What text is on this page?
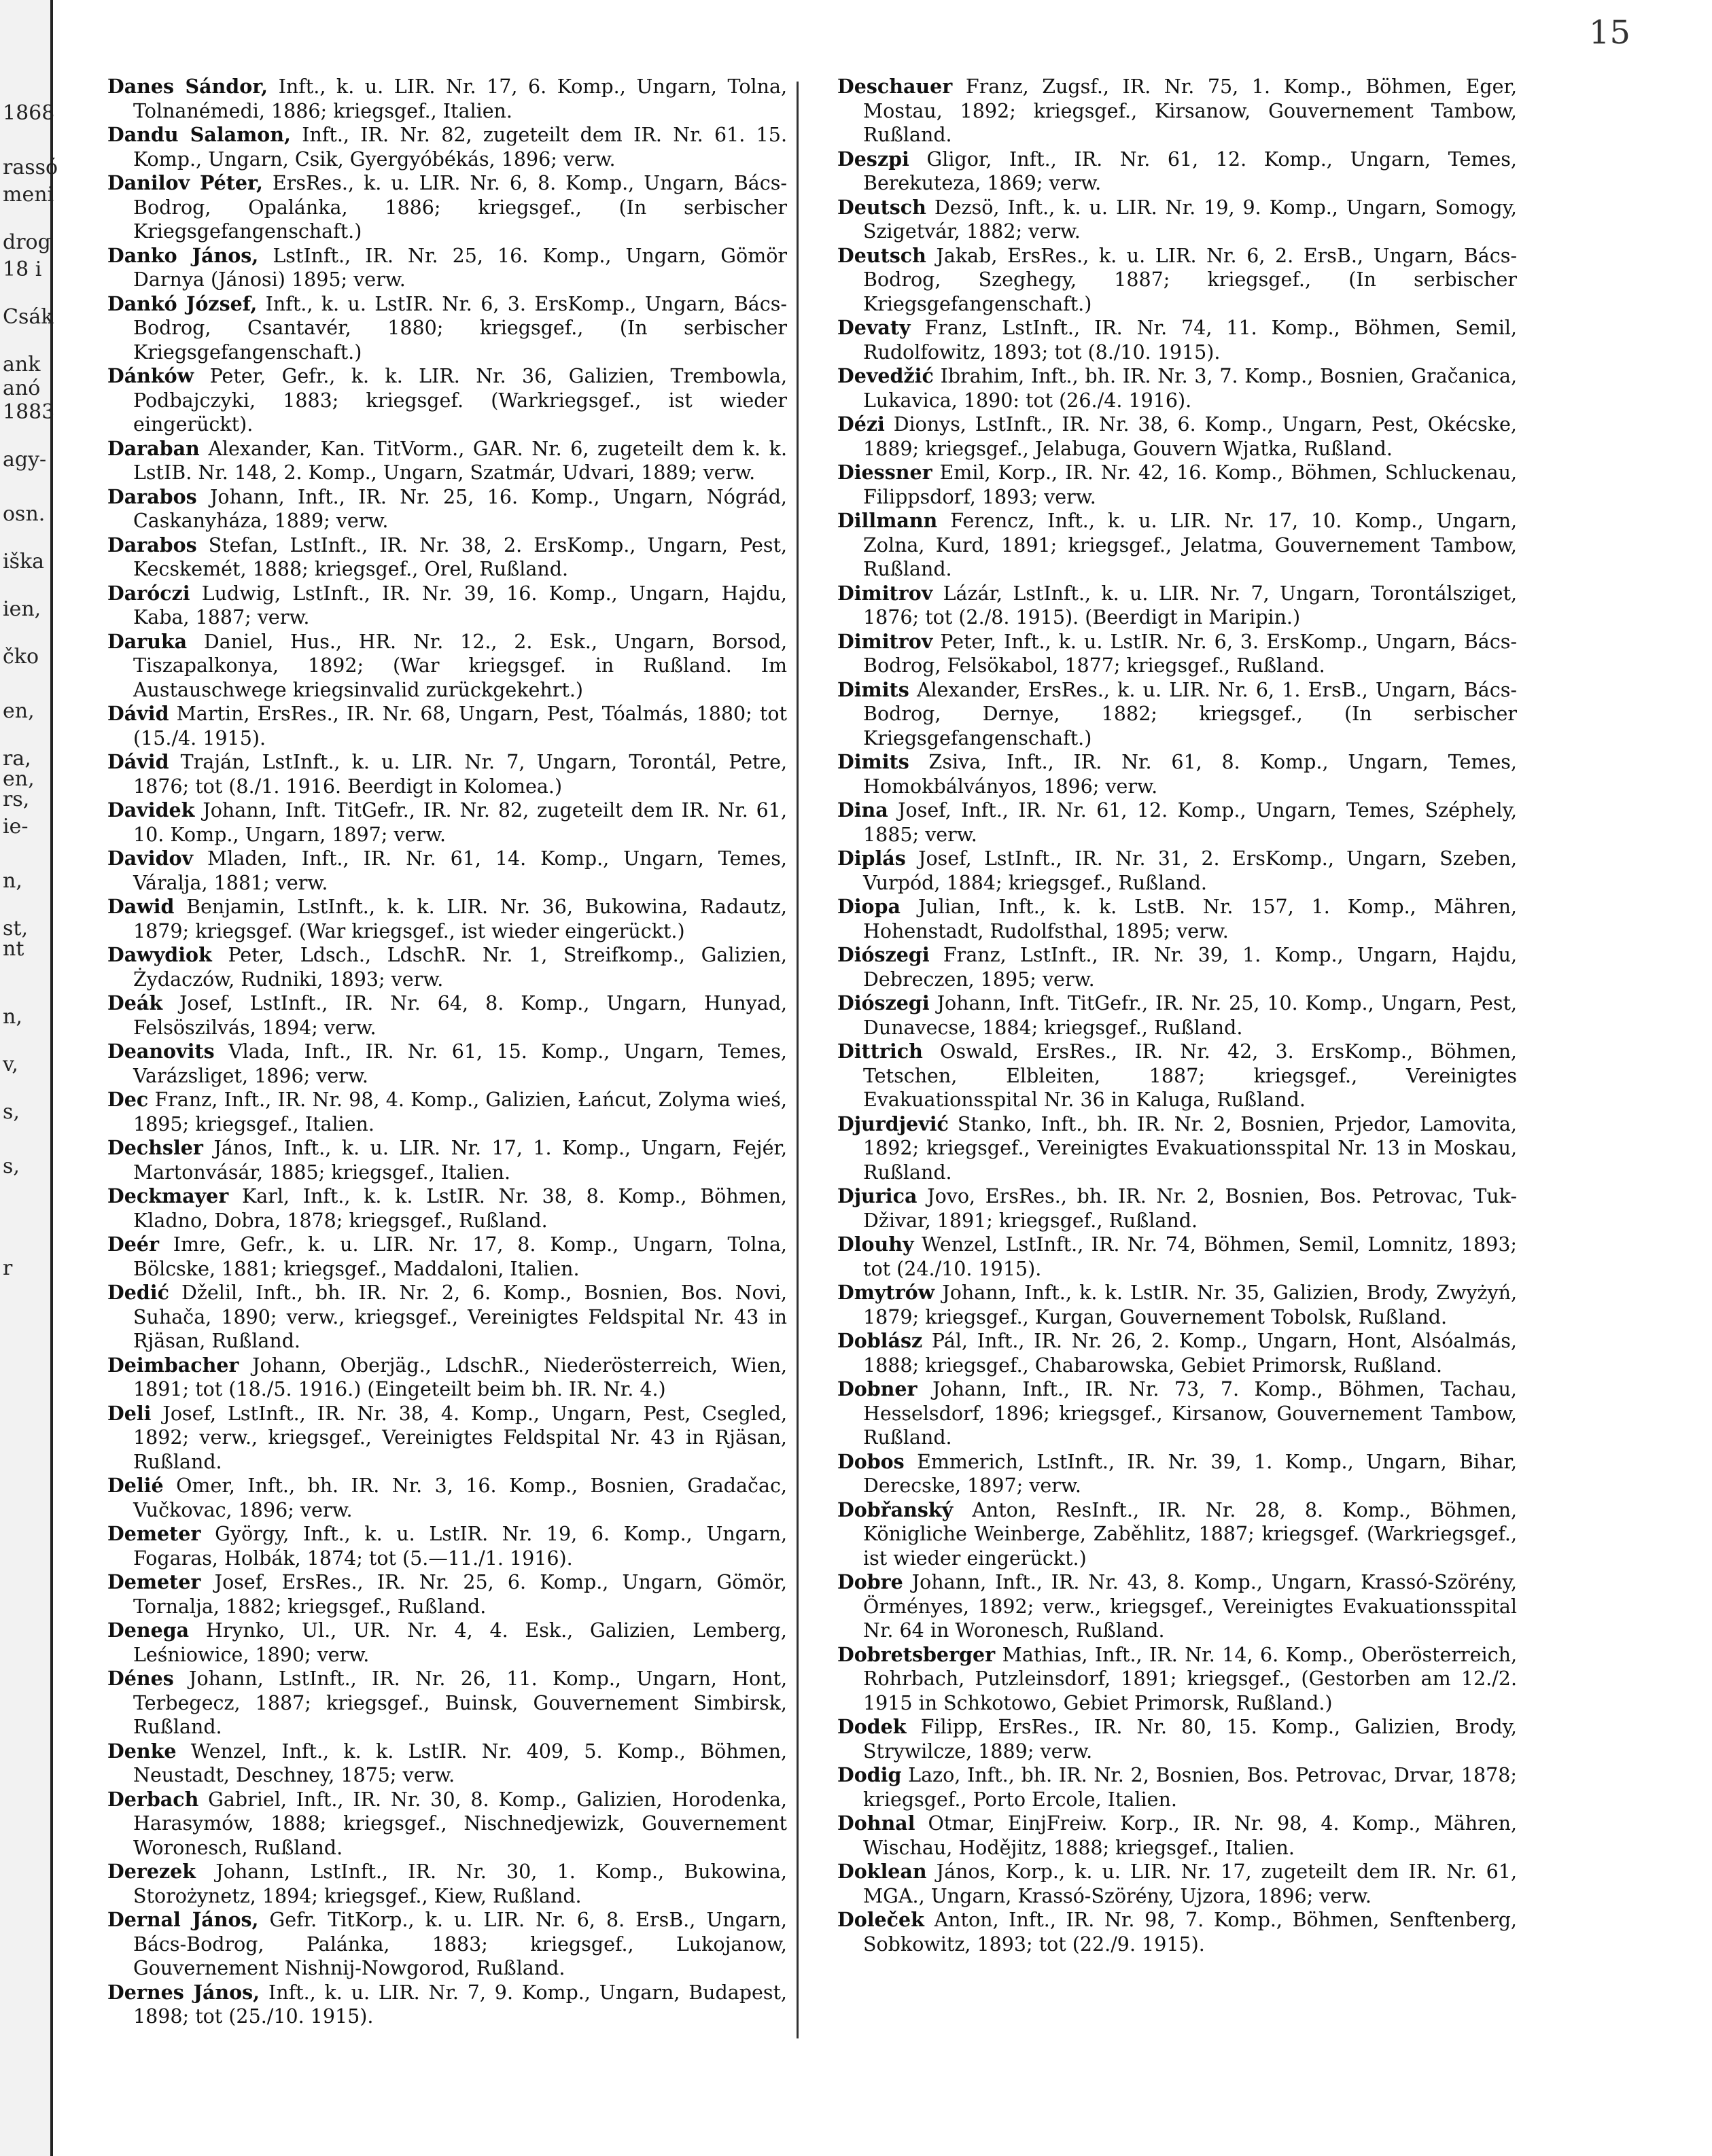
1868
rassó
meni
drog
18 i
Csák
ank
anó
1883
agy-
osn.
iška
ien,
čko
en,
ra,
en,
rs,
ie-
n,
st,
nt
n,
v,
s,
s,
r
15

Danes Sándor, Inft., k. u. LIR. Nr. 17, 6. Komp., Ungarn, Tolna, Tolnanémedi, 1886; kriegsgef., Italien.

Dandu Salamon, Inft., IR. Nr. 82, zugeteilt dem IR. Nr. 61. 15. Komp., Ungarn, Csik, Gyergyóbékás, 1896; verw.

Danilov Péter, ErsRes., k. u. LIR. Nr. 6, 8. Komp., Ungarn, Bács-Bodrog, Opalánka, 1886; kriegsgef., (In serbischer Kriegsgefangenschaft.)

Danko János, LstInft., IR. Nr. 25, 16. Komp., Ungarn, Gömör Darnya (Jánosi) 1895; verw.

Dankó József, Inft., k. u. LstIR. Nr. 6, 3. ErsKomp., Ungarn, Bács-Bodrog, Csantavér, 1880; kriegsgef., (In serbischer Kriegsgefangenschaft.)

Dánków Peter, Gefr., k. k. LIR. Nr. 36, Galizien, Trembowla, Podbajczyki, 1883; kriegsgef. (Warkriegsgef., ist wieder eingerückt).

Daraban Alexander, Kan. TitVorm., GAR. Nr. 6, zugeteilt dem k. k. LstIB. Nr. 148, 2. Komp., Ungarn, Szatmár, Udvari, 1889; verw.

Darabos Johann, Inft., IR. Nr. 25, 16. Komp., Ungarn, Nógrád, Caskanyháza, 1889; verw.

Darabos Stefan, LstInft., IR. Nr. 38, 2. ErsKomp., Ungarn, Pest, Kecskemét, 1888; kriegsgef., Orel, Rußland.

Daróczi Ludwig, LstInft., IR. Nr. 39, 16. Komp., Ungarn, Hajdu, Kaba, 1887; verw.

Daruka Daniel, Hus., HR. Nr. 12., 2. Esk., Ungarn, Borsod, Tiszapalkonya, 1892; (War kriegsgef. in Rußland. Im Austauschwege kriegsinvalid zurückgekehrt.)

Dávid Martin, ErsRes., IR. Nr. 68, Ungarn, Pest, Tóalmás, 1880; tot (15./4. 1915).

Dávid Traján, LstInft., k. u. LIR. Nr. 7, Ungarn, Torontál, Petre, 1876; tot (8./1. 1916. Beerdigt in Kolomea.)

Davidek Johann, Inft. TitGefr., IR. Nr. 82, zugeteilt dem IR. Nr. 61, 10. Komp., Ungarn, 1897; verw.

Davidov Mladen, Inft., IR. Nr. 61, 14. Komp., Ungarn, Temes, Váralja, 1881; verw.

Dawid Benjamin, LstInft., k. k. LIR. Nr. 36, Bukowina, Radautz, 1879; kriegsgef. (War kriegsgef., ist wieder eingerückt.)

Dawydiok Peter, Ldsch., LdschR. Nr. 1, Streifkomp., Galizien, Żydaczów, Rudniki, 1893; verw.

Deák Josef, LstInft., IR. Nr. 64, 8. Komp., Ungarn, Hunyad, Felsöszilvás, 1894; verw.

Deanovits Vlada, Inft., IR. Nr. 61, 15. Komp., Ungarn, Temes, Varázsliget, 1896; verw.

Dec Franz, Inft., IR. Nr. 98, 4. Komp., Galizien, Łańcut, Zolyma wieś, 1895; kriegsgef., Italien.

Dechsler János, Inft., k. u. LIR. Nr. 17, 1. Komp., Ungarn, Fejér, Martonvásár, 1885; kriegsgef., Italien.

Deckmayer Karl, Inft., k. k. LstIR. Nr. 38, 8. Komp., Böhmen, Kladno, Dobra, 1878; kriegsgef., Rußland.

Deér Imre, Gefr., k. u. LIR. Nr. 17, 8. Komp., Ungarn, Tolna, Bölcske, 1881; kriegsgef., Maddaloni, Italien.

Dedić Dželil, Inft., bh. IR. Nr. 2, 6. Komp., Bosnien, Bos. Novi, Suhača, 1890; verw., kriegsgef., Vereinigtes Feldspital Nr. 43 in Rjäsan, Rußland.

Deimbacher Johann, Oberjäg., LdschR., Niederösterreich, Wien, 1891; tot (18./5. 1916.) (Eingeteilt beim bh. IR. Nr. 4.)

Deli Josef, LstInft., IR. Nr. 38, 4. Komp., Ungarn, Pest, Csegled, 1892; verw., kriegsgef., Vereinigtes Feldspital Nr. 43 in Rjäsan, Rußland.

Delié Omer, Inft., bh. IR. Nr. 3, 16. Komp., Bosnien, Gradačac, Vučkovac, 1896; verw.

Demeter György, Inft., k. u. LstIR. Nr. 19, 6. Komp., Ungarn, Fogaras, Holbák, 1874; tot (5.—11./1. 1916).

Demeter Josef, ErsRes., IR. Nr. 25, 6. Komp., Ungarn, Gömör, Tornalja, 1882; kriegsgef., Rußland.

Denega Hrynko, Ul., UR. Nr. 4, 4. Esk., Galizien, Lemberg, Leśniowice, 1890; verw.

Dénes Johann, LstInft., IR. Nr. 26, 11. Komp., Ungarn, Hont, Terbegecz, 1887; kriegsgef., Buinsk, Gouvernement Simbirsk, Rußland.

Denke Wenzel, Inft., k. k. LstIR. Nr. 409, 5. Komp., Böhmen, Neustadt, Deschney, 1875; verw.

Derbach Gabriel, Inft., IR. Nr. 30, 8. Komp., Galizien, Horodenka, Harasymów, 1888; kriegsgef., Nischnedjewizk, Gouvernement Woronesch, Rußland.

Derezek Johann, LstInft., IR. Nr. 30, 1. Komp., Bukowina, Storożynetz, 1894; kriegsgef., Kiew, Rußland.

Dernal János, Gefr. TitKorp., k. u. LIR. Nr. 6, 8. ErsB., Ungarn, Bács-Bodrog, Palánka, 1883; kriegsgef., Lukojanow, Gouvernement Nishnij-Nowgorod, Rußland.

Dernes János, Inft., k. u. LIR. Nr. 7, 9. Komp., Ungarn, Budapest, 1898; tot (25./10. 1915).

Deschauer Franz, Zugsf., IR. Nr. 75, 1. Komp., Böhmen, Eger, Mostau, 1892; kriegsgef., Kirsanow, Gouvernement Tambow, Rußland.

Deszpi Gligor, Inft., IR. Nr. 61, 12. Komp., Ungarn, Temes, Berekuteza, 1869; verw.

Deutsch Dezsö, Inft., k. u. LIR. Nr. 19, 9. Komp., Ungarn, Somogy, Szigetvár, 1882; verw.

Deutsch Jakab, ErsRes., k. u. LIR. Nr. 6, 2. ErsB., Ungarn, Bács-Bodrog, Szeghegy, 1887; kriegsgef., (In serbischer Kriegsgefangenschaft.)

Devaty Franz, LstInft., IR. Nr. 74, 11. Komp., Böhmen, Semil, Rudolfowitz, 1893; tot (8./10. 1915).

Devedžić Ibrahim, Inft., bh. IR. Nr. 3, 7. Komp., Bosnien, Gračanica, Lukavica, 1890: tot (26./4. 1916).

Dézi Dionys, LstInft., IR. Nr. 38, 6. Komp., Ungarn, Pest, Okécske, 1889; kriegsgef., Jelabuga, Gouvern Wjatka, Rußland.

Diessner Emil, Korp., IR. Nr. 42, 16. Komp., Böhmen, Schluckenau, Filippsdorf, 1893; verw.

Dillmann Ferencz, Inft., k. u. LIR. Nr. 17, 10. Komp., Ungarn, Zolna, Kurd, 1891; kriegsgef., Jelatma, Gouvernement Tambow, Rußland.

Dimitrov Lázár, LstInft., k. u. LIR. Nr. 7, Ungarn, Torontálsziget, 1876; tot (2./8. 1915). (Beerdigt in Maripin.)

Dimitrov Peter, Inft., k. u. LstIR. Nr. 6, 3. ErsKomp., Ungarn, Bács-Bodrog, Felsökabol, 1877; kriegsgef., Rußland.

Dimits Alexander, ErsRes., k. u. LIR. Nr. 6, 1. ErsB., Ungarn, Bács-Bodrog, Dernye, 1882; kriegsgef., (In serbischer Kriegsgefangenschaft.)

Dimits Zsiva, Inft., IR. Nr. 61, 8. Komp., Ungarn, Temes, Homokbálványos, 1896; verw.

Dina Josef, Inft., IR. Nr. 61, 12. Komp., Ungarn, Temes, Széphely, 1885; verw.

Diplás Josef, LstInft., IR. Nr. 31, 2. ErsKomp., Ungarn, Szeben, Vurpód, 1884; kriegsgef., Rußland.

Diopa Julian, Inft., k. k. LstB. Nr. 157, 1. Komp., Mähren, Hohenstadt, Rudolfsthal, 1895; verw.

Diószegi Franz, LstInft., IR. Nr. 39, 1. Komp., Ungarn, Hajdu, Debreczen, 1895; verw.

Diószegi Johann, Inft. TitGefr., IR. Nr. 25, 10. Komp., Ungarn, Pest, Dunavecse, 1884; kriegsgef., Rußland.

Dittrich Oswald, ErsRes., IR. Nr. 42, 3. ErsKomp., Böhmen, Tetschen, Elbleiten, 1887; kriegsgef., Vereinigtes Evakuationsspital Nr. 36 in Kaluga, Rußland.

Djurdjević Stanko, Inft., bh. IR. Nr. 2, Bosnien, Prjedor, Lamovita, 1892; kriegsgef., Vereinigtes Evakuationsspital Nr. 13 in Moskau, Rußland.

Djurica Jovo, ErsRes., bh. IR. Nr. 2, Bosnien, Bos. Petrovac, Tuk-Dživar, 1891; kriegsgef., Rußland.

Dlouhy Wenzel, LstInft., IR. Nr. 74, Böhmen, Semil, Lomnitz, 1893; tot (24./10. 1915).

Dmytrów Johann, Inft., k. k. LstIR. Nr. 35, Galizien, Brody, Zwyżyń, 1879; kriegsgef., Kurgan, Gouvernement Tobolsk, Rußland.

Doblász Pál, Inft., IR. Nr. 26, 2. Komp., Ungarn, Hont, Alsóalmás, 1888; kriegsgef., Chabarowska, Gebiet Primorsk, Rußland.

Dobner Johann, Inft., IR. Nr. 73, 7. Komp., Böhmen, Tachau, Hesselsdorf, 1896; kriegsgef., Kirsanow, Gouvernement Tambow, Rußland.

Dobos Emmerich, LstInft., IR. Nr. 39, 1. Komp., Ungarn, Bihar, Derecske, 1897; verw.

Dobřanský Anton, ResInft., IR. Nr. 28, 8. Komp., Böhmen, Königliche Weinberge, Zaběhlitz, 1887; kriegsgef. (Warkriegsgef., ist wieder eingerückt.)

Dobre Johann, Inft., IR. Nr. 43, 8. Komp., Ungarn, Krassó-Szörény, Örményes, 1892; verw., kriegsgef., Vereinigtes Evakuationsspital Nr. 64 in Woronesch, Rußland.

Dobretsberger Mathias, Inft., IR. Nr. 14, 6. Komp., Oberösterreich, Rohrbach, Putzleinsdorf, 1891; kriegsgef., (Gestorben am 12./2. 1915 in Schkotowo, Gebiet Primorsk, Rußland.)

Dodek Filipp, ErsRes., IR. Nr. 80, 15. Komp., Galizien, Brody, Strywilcze, 1889; verw.

Dodig Lazo, Inft., bh. IR. Nr. 2, Bosnien, Bos. Petrovac, Drvar, 1878; kriegsgef., Porto Ercole, Italien.

Dohnal Otmar, EinjFreiw. Korp., IR. Nr. 98, 4. Komp., Mähren, Wischau, Hodějitz, 1888; kriegsgef., Italien.

Doklean János, Korp., k. u. LIR. Nr. 17, zugeteilt dem IR. Nr. 61, MGA., Ungarn, Krassó-Szörény, Ujzora, 1896; verw.

Doleček Anton, Inft., IR. Nr. 98, 7. Komp., Böhmen, Senftenberg, Sobkowitz, 1893; tot (22./9. 1915).
